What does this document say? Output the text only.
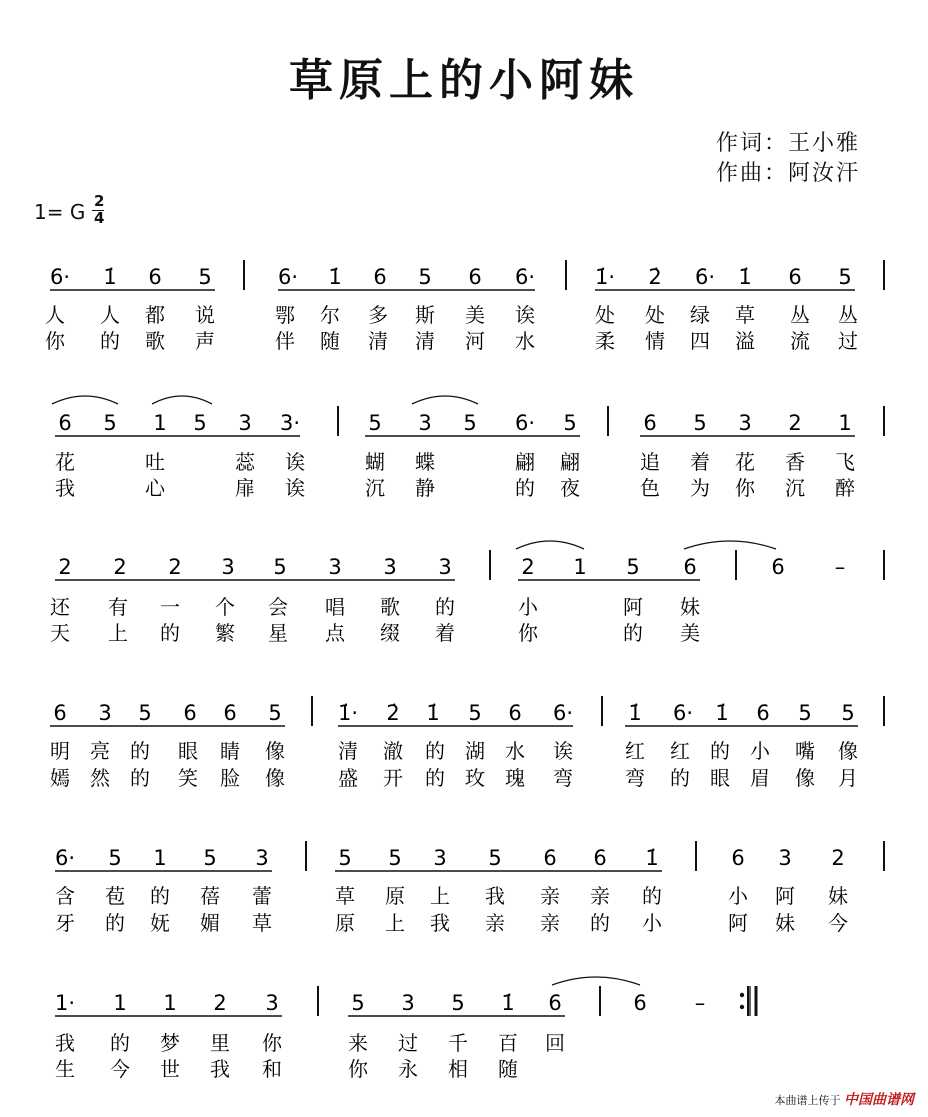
草原上的小阿妹
作词：王小雅
作曲：阿汝汗
1= G 2
4
6· 1̇ 6 5	6· 1̇ 6 5 6 6·	1̇· 2̇ 6· 1̇ 6 5
人 人 都 说	鄂 尔 多 斯 美 诶	处 处 绿 草 丛 丛
你 的 歌 声	伴 随 清 清 河 水	柔 情 四 溢 流 过
6 5 1 5 3 3·	5 3 5 6· 5	6 5 3 2 1
花	吐	蕊 诶	蝴 蝶	翩 翩	追 着 花 香 飞
我	心	扉 诶	沉 静	的 夜	色 为 你 沉 醉
2 2 2 3 5 3 3 3	2 1 5 6	6 –
还 有 一 个 会 唱 歌 的	小	阿 妹
天 上 的 繁 星 点 缀 着	你	的 美
6 3 5 6 6 5	1̇· 2̇ 1̇ 5 6 6·	1̇ 6· 1̇ 6 5 5
明 亮 的 眼 睛 像	清 澈 的 湖 水 诶	红 红 的 小 嘴 像
嫣 然 的 笑 脸 像	盛 开 的 玫 瑰 弯	弯 的 眼 眉 像 月
6· 5 1 5 3	5 5 3 5 6 6 1̇	6 3 2
含 苞 的 蓓 蕾	草 原 上 我 亲 亲 的	小 阿 妹
牙 的 妩 媚 草	原 上 我 亲 亲 的 小	阿 妹 今
1· 1 1 2 3	5 3 5 1̇ 6	6 –
我 的 梦 里 你	来 过 千 百 回
生 今 世 我 和	你 永 相 随
本曲谱上传于 中国曲谱网
